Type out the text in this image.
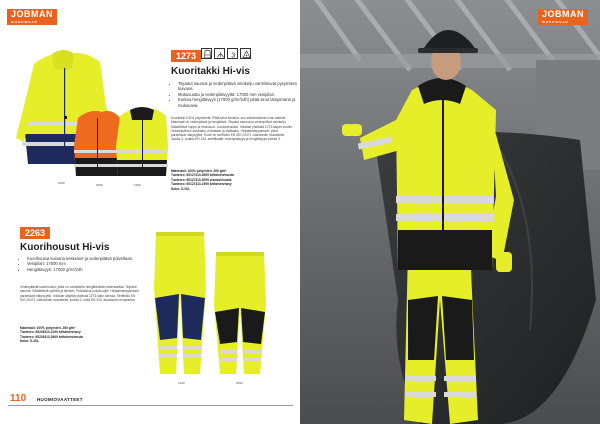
JOBMAN
WORKWEAR
2699	3099	1999
1273	3
Kuoritakki Hi-vis
• Teipatut saumat ja vedenpitävä vetoketju varmistavat pysymisen kuivana.
• Mukavuutta ja vedenpitävyyttä: 17000 mm vesipilari.
• Korkea hengittävyys (17000 g/m²/24h) pitää sinut lämpimänä ja mukavana.

Kuoritakki 100% polyesteriä. Pitää sinut kuivana, kun sääolosuhteet ovat vaativat. Materiaali on vedenpitävä ja hengittävä. Teipatut saumat ja vedenpitävä vetoketju. Säädettävä huppu ja hihansuut. Lukuisat taskut. Voidaan yhdistää 1273-sarjan vuoriin. Vetoketjullinen sivutasku, rintatasku ja sisätasku. Heijastinteippaukset, jotka parantavat näkyvyyttä. Tuote on sertifioitu EN ISO 20471 -standardin mukaisesti, luokka 3. Lisäksi EN 343 -sertifikaatti: vedenpitävyys ja hengittävyys luokka 3.

Materiaali: 100% polyesteri, 260 g/m²
Tuotenro: 65127313-2699 keltainen/musta
Tuotenro: 65127313-3099 oranssi/musta
Tuotenro: 65127313-1999 keltainen/navy
Koko: S-3XL
2263
Kuorihousut Hi-vis
• Kuorihousut kuivana keskeiset ja vedenpitävä polveltaan.
• Vesipilari: 17000 mm
• Hengittävyys: 17000 g/m²/24h

Vedenpitävät kuorihousut, jotka on valmistettu hengittävästä materiaalista. Teipatut saumat. Säädettävä vyötärö ja lahkeet. Polvitaskut polvisuojille. Heijastinteippaukset parantavat näkyvyyttä. Voidaan käyttää yhdessä 1273-takin kanssa. Sertifioitu EN ISO 20471 -standardin mukaisesti, luokka 2, sekä EN 343 -standardin mukaisesti.

Materiaali: 100% polyesteri, 260 g/m²
Tuotenro: 65226313-2199 keltainen/navy
Tuotenro: 65226313-2699 keltainen/musta
Koko: S-3XL
2199	2699
110 HUOMIOVAATTEET
JOBMAN
WORKWEAR
